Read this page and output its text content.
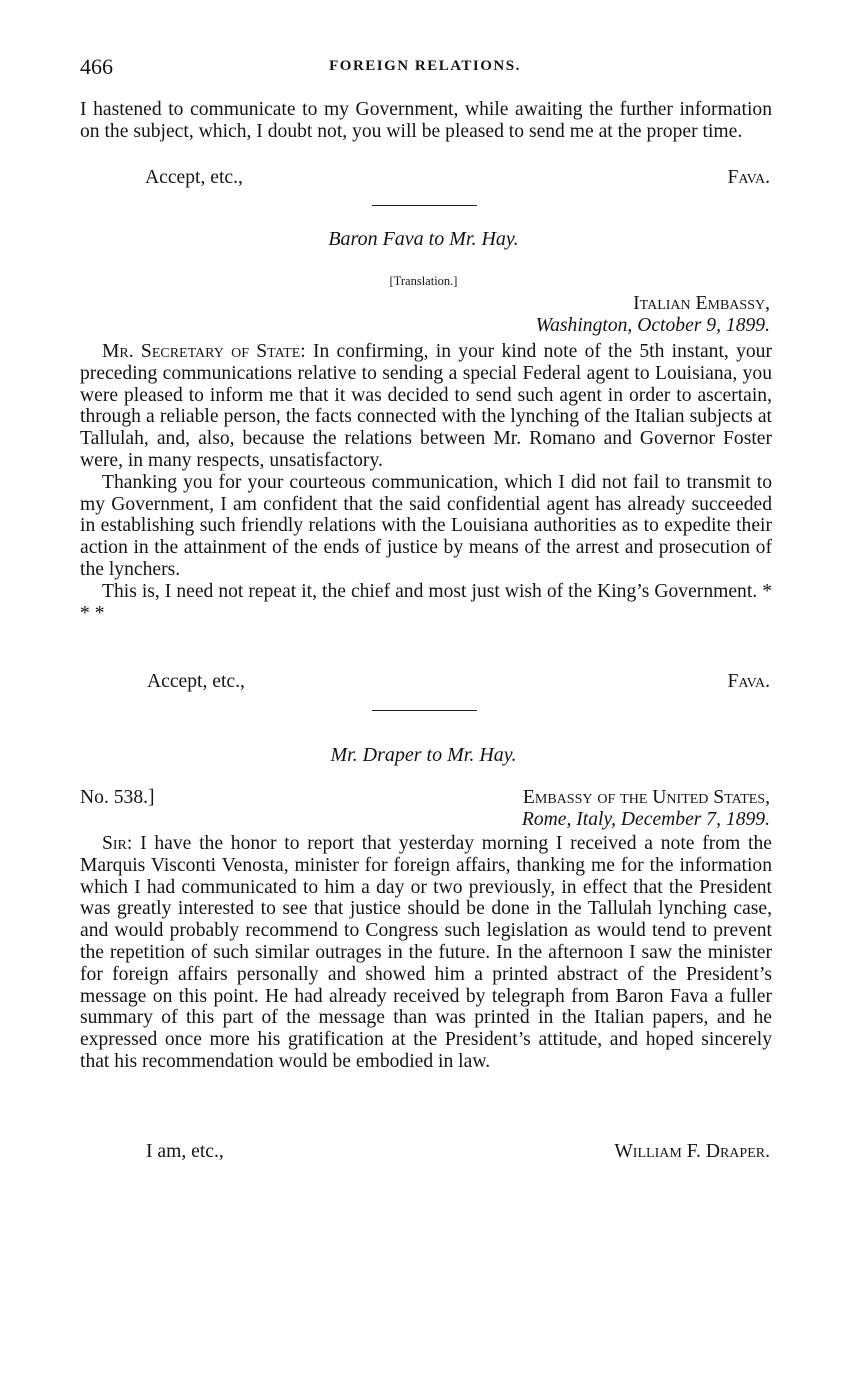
466	FOREIGN RELATIONS.

I hastened to communicate to my Government, while awaiting the further information on the subject, which, I doubt not, you will be pleased to send me at the proper time.

Accept, etc.,	Fava.
Baron Fava to Mr. Hay.
[Translation.]
Italian Embassy,
Washington, October 9, 1899.

Mr. Secretary of State: In confirming, in your kind note of the 5th instant, your preceding communications relative to sending a special Federal agent to Louisiana, you were pleased to inform me that it was decided to send such agent in order to ascertain, through a reliable person, the facts connected with the lynching of the Italian subjects at Tallulah, and, also, because the relations between Mr. Romano and Governor Foster were, in many respects, unsatisfactory.

Thanking you for your courteous communication, which I did not fail to transmit to my Government, I am confident that the said confidential agent has already succeeded in establishing such friendly relations with the Louisiana authorities as to expedite their action in the attainment of the ends of justice by means of the arrest and prosecution of the lynchers.

This is, I need not repeat it, the chief and most just wish of the King’s Government. * * *

Accept, etc.,	Fava.
Mr. Draper to Mr. Hay.
No. 538.]	Embassy of the United States,
Rome, Italy, December 7, 1899.

Sir: I have the honor to report that yesterday morning I received a note from the Marquis Visconti Venosta, minister for foreign affairs, thanking me for the information which I had communicated to him a day or two previously, in effect that the President was greatly interested to see that justice should be done in the Tallulah lynching case, and would probably recommend to Congress such legislation as would tend to prevent the repetition of such similar outrages in the future. In the afternoon I saw the minister for foreign affairs personally and showed him a printed abstract of the President’s message on this point. He had already received by telegraph from Baron Fava a fuller summary of this part of the message than was printed in the Italian papers, and he expressed once more his gratification at the President’s attitude, and hoped sincerely that his recommendation would be embodied in law.

I am, etc.,	William F. Draper.
